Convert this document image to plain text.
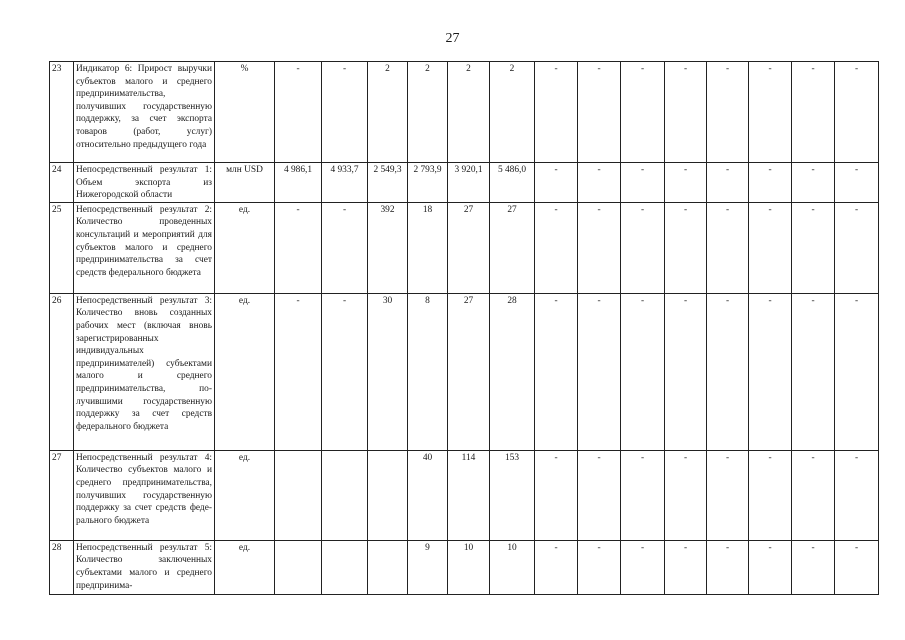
27
23	Индикатор 6: Прирост выручки субъектов малого и среднего предпринимательства, получивших государственную поддержку, за счет экспорта товаров (работ, услуг) относительно предыдущего года	%	-	-	2	2	2	2	-	-	-	-	-	-	-	-
24	Непосредственный результат 1: Объем экспорта из Нижегородской области	млн USD	4 986,1	4 933,7	2 549,3	2 793,9	3 920,1	5 486,0	-	-	-	-	-	-	-	-
25	Непосредственный результат 2: Количество проведенных консультаций и мероприятий для субъектов малого и среднего предпринимательства за счет средств федерального бюджета	ед.	-	-	392	18	27	27	-	-	-	-	-	-	-	-
26	Непосредственный результат 3: Количество вновь созданных рабочих мест (включая вновь зарегистрированных индивидуальных предпринимателей) субъектами малого и среднего предпринимательства, получившими государственную поддержку за счет средств федерального бюджета	ед.	-	-	30	8	27	28	-	-	-	-	-	-	-	-
27	Непосредственный результат 4: Количество субъектов малого и среднего предпринимательства, получивших государственную поддержку за счет средств федерального бюджета	ед.				40	114	153	-	-	-	-	-	-	-	-
28	Непосредственный результат 5: Количество заключенных субъектами малого и среднего предпринима-	ед.				9	10	10	-	-	-	-	-	-	-	-
